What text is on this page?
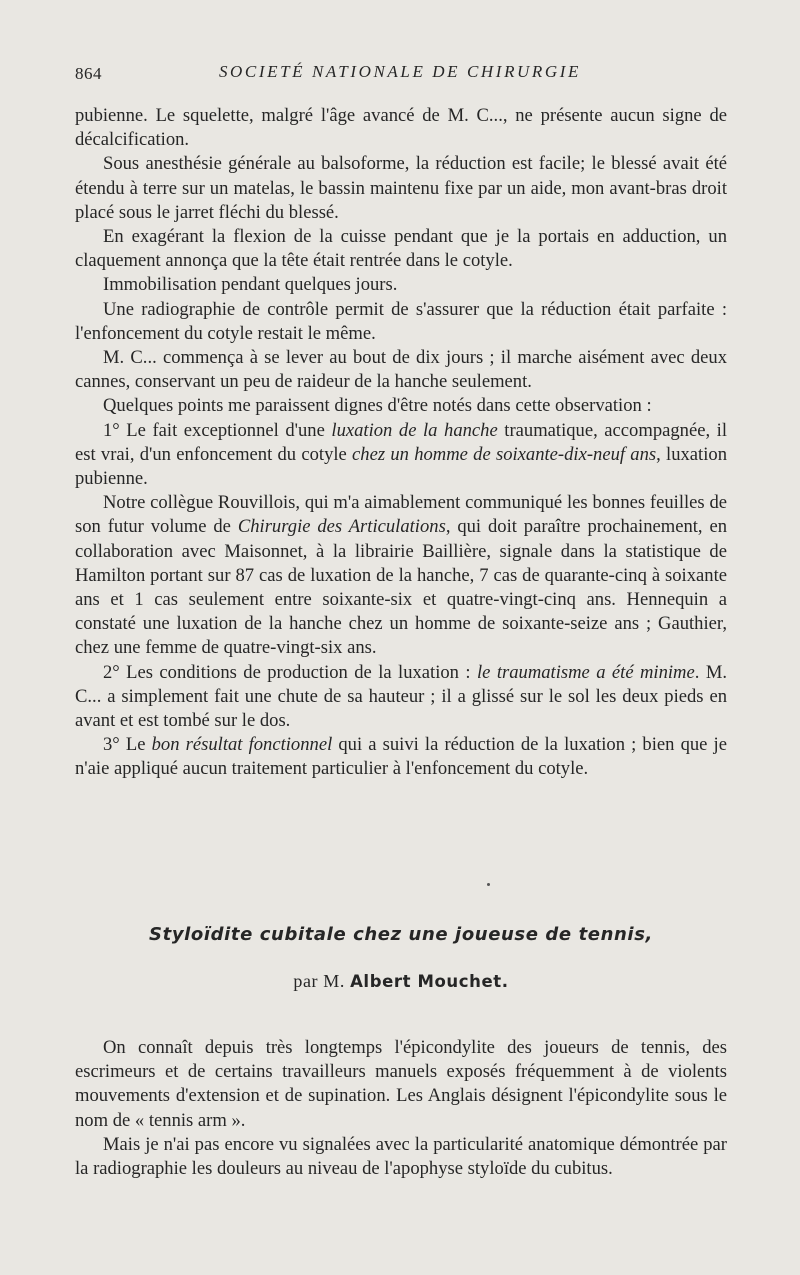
864	SOCIETÉ NATIONALE DE CHIRURGIE

pubienne. Le squelette, malgré l'âge avancé de M. C..., ne présente aucun signe de décalcification.

Sous anesthésie générale au balsoforme, la réduction est facile; le blessé avait été étendu à terre sur un matelas, le bassin maintenu fixe par un aide, mon avant-bras droit placé sous le jarret fléchi du blessé.

En exagérant la flexion de la cuisse pendant que je la portais en adduction, un claquement annonça que la tête était rentrée dans le cotyle.

Immobilisation pendant quelques jours.

Une radiographie de contrôle permit de s'assurer que la réduction était parfaite : l'enfoncement du cotyle restait le même.

M. C... commença à se lever au bout de dix jours ; il marche aisément avec deux cannes, conservant un peu de raideur de la hanche seulement.

Quelques points me paraissent dignes d'être notés dans cette observation :

1° Le fait exceptionnel d'une luxation de la hanche traumatique, accompagnée, il est vrai, d'un enfoncement du cotyle chez un homme de soixante-dix-neuf ans, luxation pubienne.

Notre collègue Rouvillois, qui m'a aimablement communiqué les bonnes feuilles de son futur volume de Chirurgie des Articulations, qui doit paraître prochainement, en collaboration avec Maisonnet, à la librairie Baillière, signale dans la statistique de Hamilton portant sur 87 cas de luxation de la hanche, 7 cas de quarante-cinq à soixante ans et 1 cas seulement entre soixante-six et quatre-vingt-cinq ans. Hennequin a constaté une luxation de la hanche chez un homme de soixante-seize ans ; Gauthier, chez une femme de quatre-vingt-six ans.

2° Les conditions de production de la luxation : le traumatisme a été minime. M. C... a simplement fait une chute de sa hauteur ; il a glissé sur le sol les deux pieds en avant et est tombé sur le dos.

3° Le bon résultat fonctionnel qui a suivi la réduction de la luxation ; bien que je n'aie appliqué aucun traitement particulier à l'enfoncement du cotyle.

Styloïdite cubitale chez une joueuse de tennis,
par M. Albert Mouchet.

On connaît depuis très longtemps l'épicondylite des joueurs de tennis, des escrimeurs et de certains travailleurs manuels exposés fréquemment à de violents mouvements d'extension et de supination. Les Anglais désignent l'épicondylite sous le nom de « tennis arm ».

Mais je n'ai pas encore vu signalées avec la particularité anatomique démontrée par la radiographie les douleurs au niveau de l'apophyse styloïde du cubitus.
